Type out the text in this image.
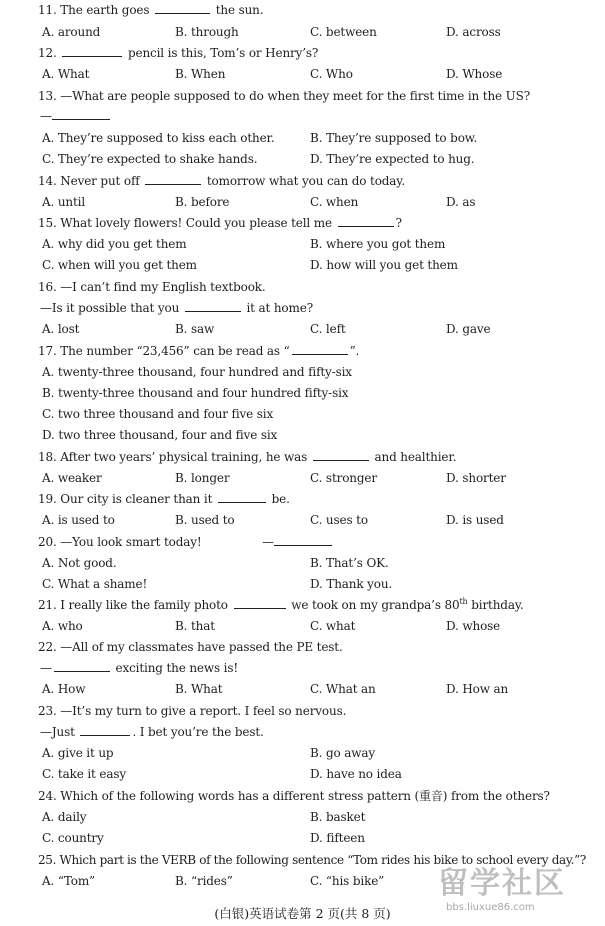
11. The earth goes	the sun.
A. around	B. through	C. between	D. across
12.	pencil is this, Tom’s or Henry’s?
A. What	B. When	C. Who	D. Whose
13. —What are people supposed to do when they meet for the first time in the US?
—
A. They’re supposed to kiss each other.	B. They’re supposed to bow.
C. They’re expected to shake hands.	D. They’re expected to hug.
14. Never put off	tomorrow what you can do today.
A. until	B. before	C. when	D. as
15. What lovely flowers! Could you please tell me	?
A. why did you get them	B. where you got them
C. when will you get them	D. how will you get them
16. —I can’t find my English textbook.
—Is it possible that you	it at home?
A. lost	B. saw	C. left	D. gave
17. The number “23,456” can be read as “	”.
A. twenty-three thousand, four hundred and fifty-six
B. twenty-three thousand and four hundred fifty-six
C. two three thousand and four five six
D. two three thousand, four and five six
18. After two years’ physical training, he was	and healthier.
A. weaker	B. longer	C. stronger	D. shorter
19. Our city is cleaner than it	be.
A. is used to	B. used to	C. uses to	D. is used
20. —You look smart today!	—
A. Not good.	B. That’s OK.
C. What a shame!	D. Thank you.
21. I really like the family photo	we took on my grandpa’s 80th birthday.
A. who	B. that	C. what	D. whose
22. —All of my classmates have passed the PE test.
—	exciting the news is!
A. How	B. What	C. What an	D. How an
23. —It’s my turn to give a report. I feel so nervous.
—Just	. I bet you’re the best.
A. give it up	B. go away
C. take it easy	D. have no idea
24. Which of the following words has a different stress pattern (重音) from the others?
A. daily	B. basket
C. country	D. fifteen
25. Which part is the VERB of the following sentence “Tom rides his bike to school every day.”?
A. “Tom”	B. “rides”	C. “his bike”
(白银)英语试卷第 2 页(共 8 页)
留学社区
bbs.liuxue86.com
